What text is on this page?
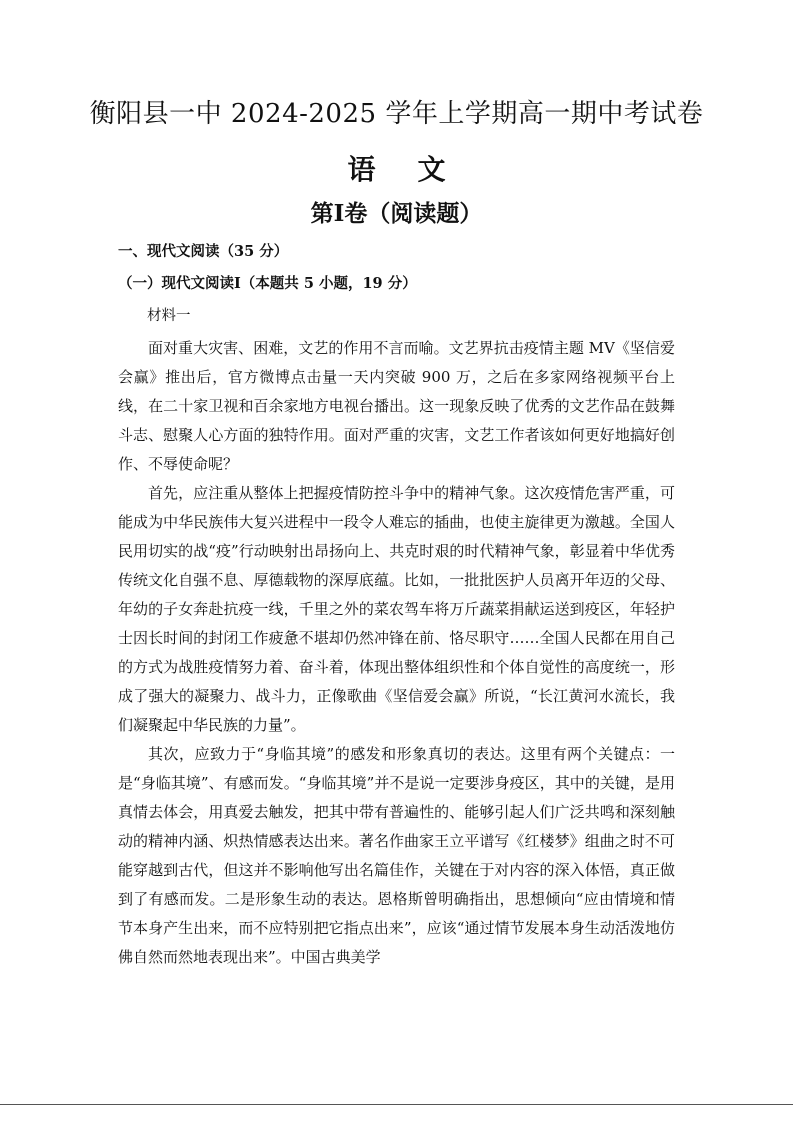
衡阳县一中 2024-2025 学年上学期高一期中考试卷
语 文
第Ⅰ卷（阅读题）
一、现代文阅读（35 分）
（一）现代文阅读Ⅰ（本题共 5 小题，19 分）
材料一

面对重大灾害、困难，文艺的作用不言而喻。文艺界抗击疫情主题 MV《坚信爱会赢》推出后，官方微博点击量一天内突破 900 万，之后在多家网络视频平台上线，在二十家卫视和百余家地方电视台播出。这一现象反映了优秀的文艺作品在鼓舞斗志、慰聚人心方面的独特作用。面对严重的灾害，文艺工作者该如何更好地搞好创作、不辱使命呢？

首先，应注重从整体上把握疫情防控斗争中的精神气象。这次疫情危害严重，可能成为中华民族伟大复兴进程中一段令人难忘的插曲，也使主旋律更为激越。全国人民用切实的战“疫”行动映射出昂扬向上、共克时艰的时代精神气象，彰显着中华优秀传统文化自强不息、厚德载物的深厚底蕴。比如，一批批医护人员离开年迈的父母、年幼的子女奔赴抗疫一线，千里之外的菜农驾车将万斤蔬菜捐献运送到疫区，年轻护士因长时间的封闭工作疲惫不堪却仍然冲锋在前、恪尽职守……全国人民都在用自己的方式为战胜疫情努力着、奋斗着，体现出整体组织性和个体自觉性的高度统一，形成了强大的凝聚力、战斗力，正像歌曲《坚信爱会赢》所说，“长江黄河水流长，我们凝聚起中华民族的力量”。

其次，应致力于“身临其境”的感发和形象真切的表达。这里有两个关键点：一是“身临其境”、有感而发。“身临其境”并不是说一定要涉身疫区，其中的关键，是用真情去体会，用真爱去触发，把其中带有普遍性的、能够引起人们广泛共鸣和深刻触动的精神内涵、炽热情感表达出来。著名作曲家王立平谱写《红楼梦》组曲之时不可能穿越到古代，但这并不影响他写出名篇佳作，关键在于对内容的深入体悟，真正做到了有感而发。二是形象生动的表达。恩格斯曾明确指出，思想倾向“应由情境和情节本身产生出来，而不应特别把它指点出来”，应该“通过情节发展本身生动活泼地仿佛自然而然地表现出来”。中国古典美学
